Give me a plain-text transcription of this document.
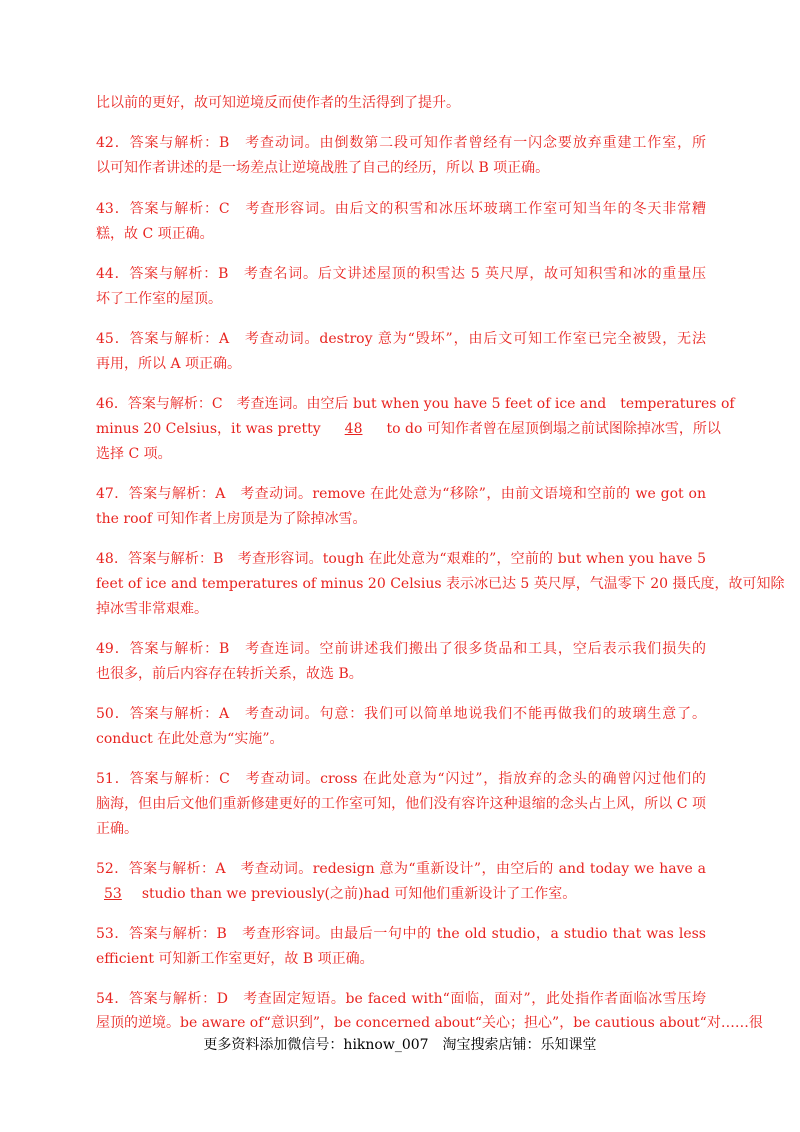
比以前的更好，故可知逆境反而使作者的生活得到了提升。
42．答案与解析：B　考查动词。由倒数第二段可知作者曾经有一闪念要放弃重建工作室，所
以可知作者讲述的是一场差点让逆境战胜了自己的经历，所以 B 项正确。
43．答案与解析：C　考查形容词。由后文的积雪和冰压坏玻璃工作室可知当年的冬天非常糟
糕，故 C 项正确。
44．答案与解析：B　考查名词。后文讲述屋顶的积雪达 5 英尺厚，故可知积雪和冰的重量压
坏了工作室的屋顶。
45．答案与解析：A　考查动词。destroy 意为“毁坏”，由后文可知工作室已完全被毁，无法
再用，所以 A 项正确。
46．答案与解析：C　考查连词。由空后 but when you have 5 feet of ice and　temperatures of
minus 20 Celsius，it was pretty 48 to do 可知作者曾在屋顶倒塌之前试图除掉冰雪，所以
选择 C 项。
47．答案与解析：A　考查动词。remove 在此处意为“移除”，由前文语境和空前的 we got on
the roof 可知作者上房顶是为了除掉冰雪。
48．答案与解析：B　考查形容词。tough 在此处意为“艰难的”，空前的 but when you have 5
feet of ice and temperatures of minus 20 Celsius 表示冰已达 5 英尺厚，气温零下 20 摄氏度，故可知除
掉冰雪非常艰难。
49．答案与解析：B　考查连词。空前讲述我们搬出了很多货品和工具，空后表示我们损失的
也很多，前后内容存在转折关系，故选 B。
50．答案与解析：A　考查动词。句意：我们可以简单地说我们不能再做我们的玻璃生意了。
conduct 在此处意为“实施”。
51．答案与解析：C　考查动词。cross 在此处意为“闪过”，指放弃的念头的确曾闪过他们的
脑海，但由后文他们重新修建更好的工作室可知，他们没有容许这种退缩的念头占上风，所以 C 项
正确。
52．答案与解析：A　考查动词。redesign 意为“重新设计”，由空后的 and today we have a
53 studio than we previously(之前)had 可知他们重新设计了工作室。
53．答案与解析：B　考查形容词。由最后一句中的 the old studio，a studio that was less
efficient 可知新工作室更好，故 B 项正确。
54．答案与解析：D　考查固定短语。be faced with“面临，面对”，此处指作者面临冰雪压垮
屋顶的逆境。be aware of“意识到”，be concerned about“关心；担心”，be cautious about“对……很
更多资料添加微信号：hiknow_007　淘宝搜索店铺：乐知课堂
